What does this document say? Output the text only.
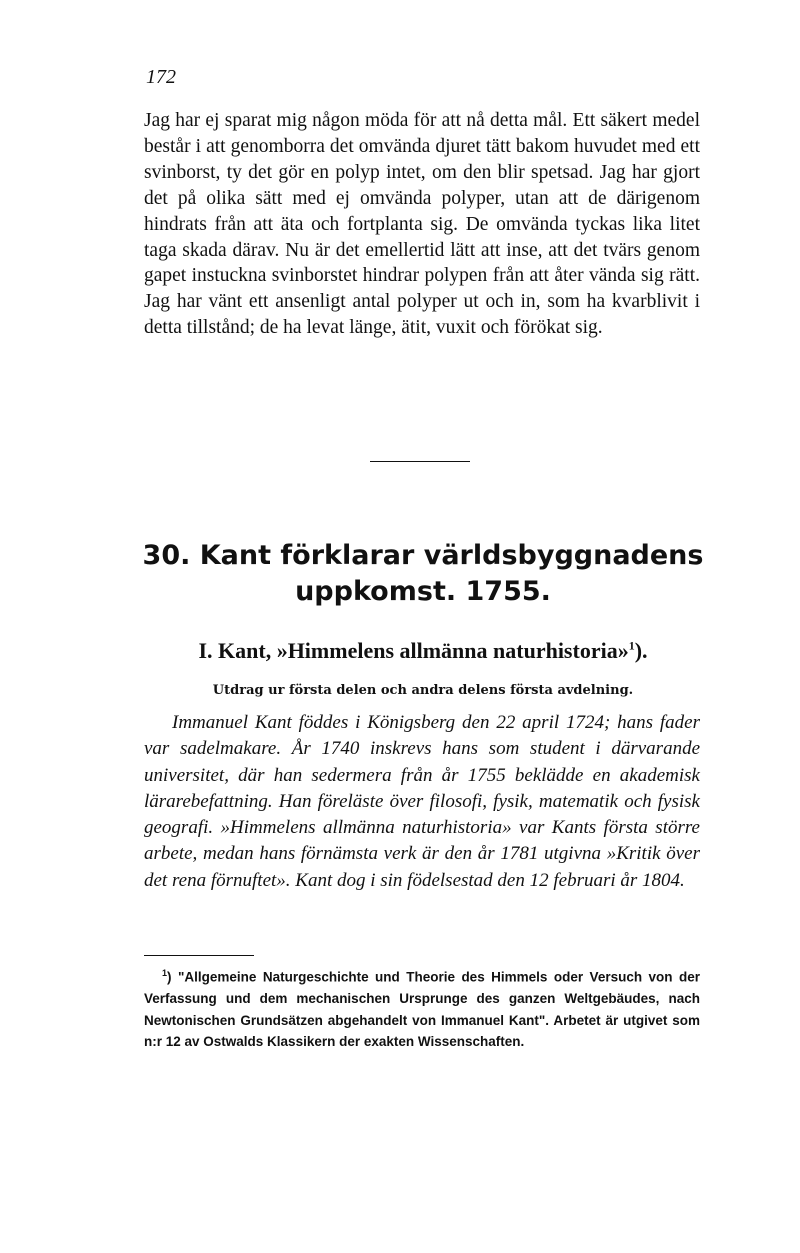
172

Jag har ej sparat mig någon möda för att nå detta mål. Ett säkert medel består i att genomborra det omvända djuret tätt bakom huvudet med ett svinborst, ty det gör en polyp intet, om den blir spetsad. Jag har gjort det på olika sätt med ej omvända polyper, utan att de därigenom hindrats från att äta och fortplanta sig. De omvända tyckas lika litet taga skada därav. Nu är det emellertid lätt att inse, att det tvärs genom gapet instuckna svinborstet hindrar polypen från att åter vända sig rätt. Jag har vänt ett ansenligt antal polyper ut och in, som ha kvarblivit i detta tillstånd; de ha levat länge, ätit, vuxit och förökat sig.

30. Kant förklarar världsbyggnadens
uppkomst. 1755.
I. Kant, »Himmelens allmänna naturhistoria»$^1$).

Utdrag ur första delen och andra delens första avdelning.

Immanuel Kant föddes i Königsberg den 22 april 1724; hans fader var sadelmakare. År 1740 inskrevs hans som student i därvarande universitet, där han sedermera från år 1755 beklädde en akademisk lärarebefattning. Han föreläste över filosofi, fysik, matematik och fysisk geografi. »Himmelens allmänna naturhistoria» var Kants första större arbete, medan hans förnämsta verk är den år 1781 utgivna »Kritik över det rena förnuftet». Kant dog i sin födelsestad den 12 februari år 1804.

$^1$) "Allgemeine Naturgeschichte und Theorie des Himmels oder Versuch von der Verfassung und dem mechanischen Ursprunge des ganzen Weltgebäudes, nach Newtonischen Grundsätzen abgehandelt von Immanuel Kant". Arbetet är utgivet som n:r 12 av Ostwalds Klassikern der exakten Wissenschaften.
